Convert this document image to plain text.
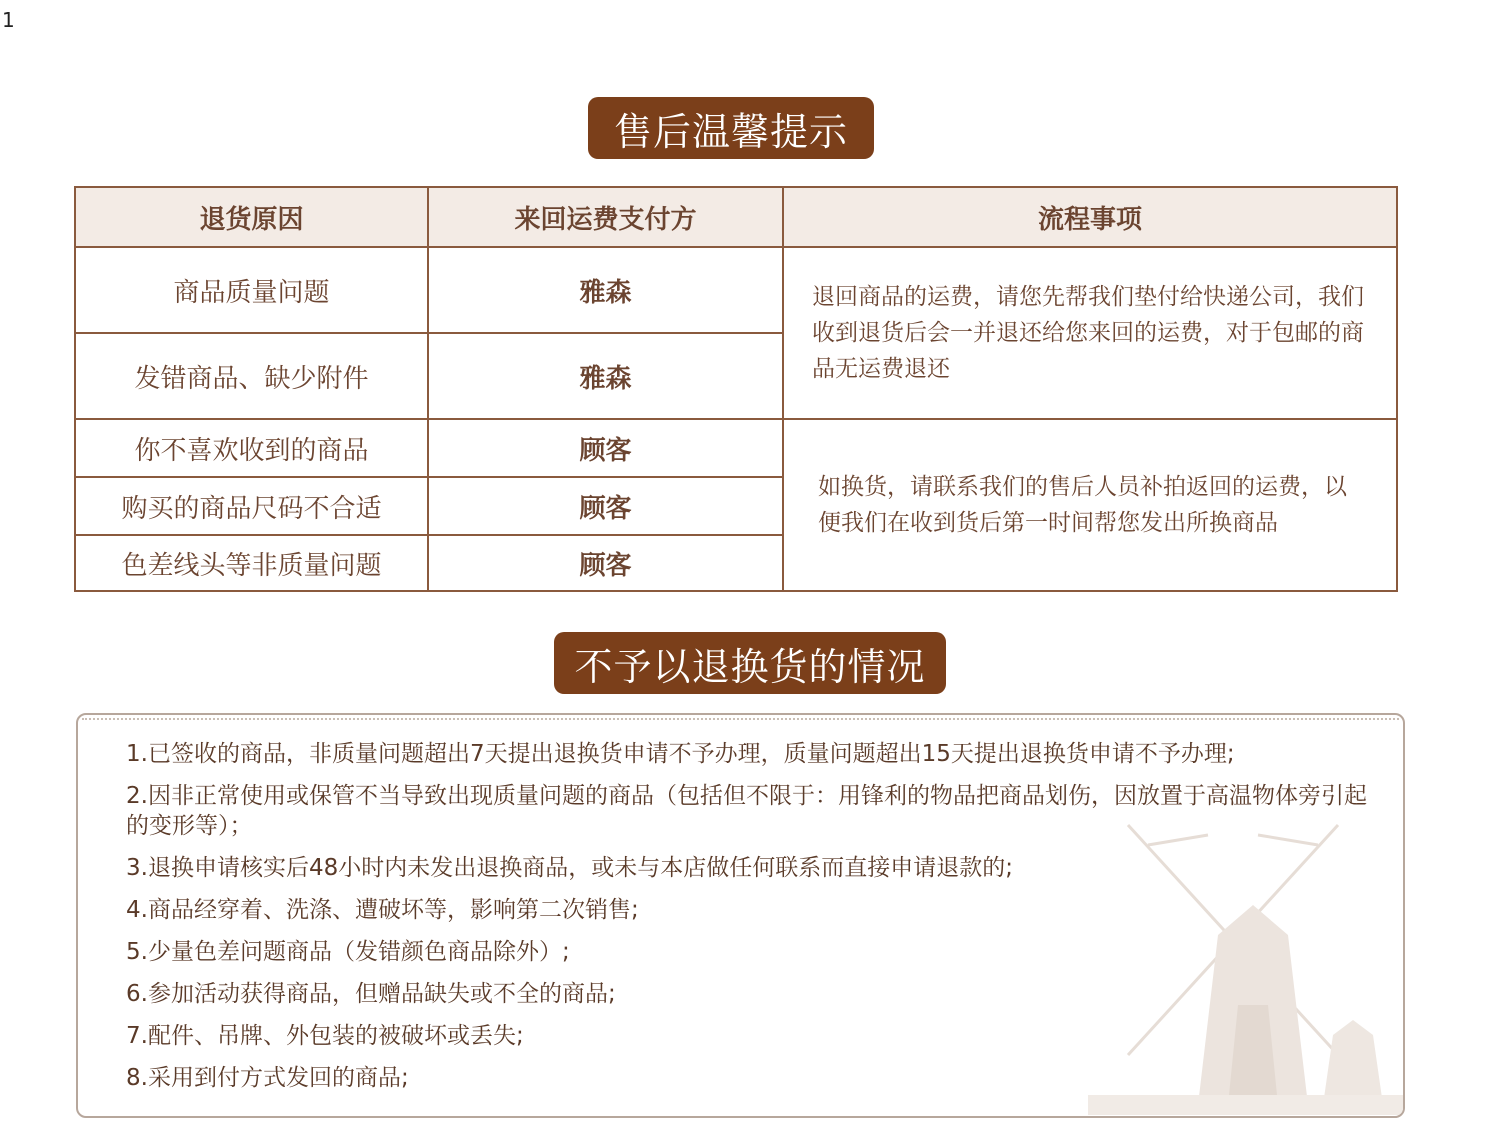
1
售后温馨提示
退货原因	来回运费支付方	流程事项
商品质量问题	雅森	退回商品的运费，请您先帮我们垫付给快递公司，我们收到退货后会一并退还给您来回的运费，对于包邮的商品无运费退还
发错商品、缺少附件	雅森	
你不喜欢收到的商品	顾客	如换货，请联系我们的售后人员补拍返回的运费，以便我们在收到货后第一时间帮您发出所换商品
购买的商品尺码不合适	顾客	
色差线头等非质量问题	顾客	
不予以退换货的情况
1.已签收的商品，非质量问题超出7天提出退换货申请不予办理，质量问题超出15天提出退换货申请不予办理;
2.因非正常使用或保管不当导致出现质量问题的商品（包括但不限于：用锋利的物品把商品划伤，因放置于高温物体旁引起的变形等）；
3.退换申请核实后48小时内未发出退换商品，或未与本店做任何联系而直接申请退款的;
4.商品经穿着、洗涤、遭破坏等，影响第二次销售;
5.少量色差问题商品（发错颜色商品除外）;
6.参加活动获得商品，但赠品缺失或不全的商品;
7.配件、吊牌、外包装的被破坏或丢失;
8.采用到付方式发回的商品;
